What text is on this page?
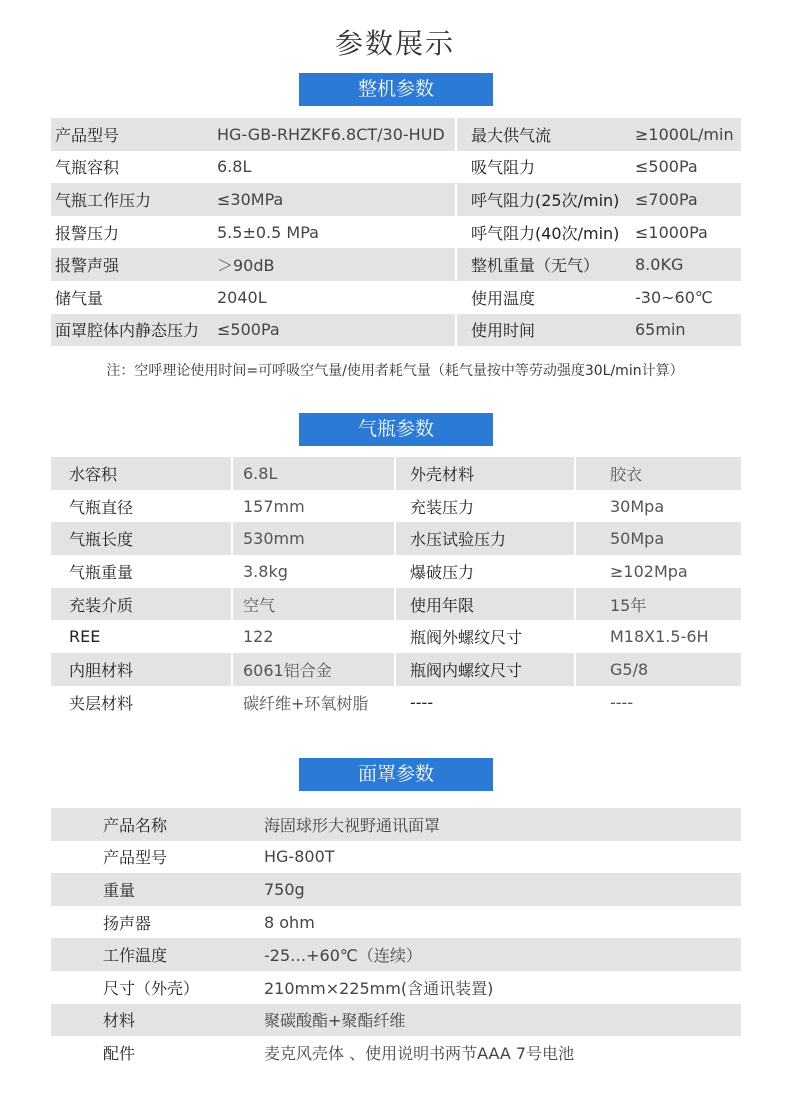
参数展示
整机参数
产品型号	HG-GB-RHZKF6.8CT/30-HUD	最大供气流	≥1000L/min
气瓶容积	6.8L	吸气阻力	≤500Pa
气瓶工作压力	≤30MPa	呼气阻力(25次/min)	≤700Pa
报警压力	5.5±0.5 MPa	呼气阻力(40次/min)	≤1000Pa
报警声强	＞90dB	整机重量（无气）	8.0KG
储气量	2040L	使用温度	-30~60℃
面罩腔体内静态压力	≤500Pa	使用时间	65min
注：空呼理论使用时间=可呼吸空气量/使用者耗气量（耗气量按中等劳动强度30L/min计算）
气瓶参数
水容积	6.8L	外壳材料	胶衣
气瓶直径	157mm	充装压力	30Mpa
气瓶长度	530mm	水压试验压力	50Mpa
气瓶重量	3.8kg	爆破压力	≥102Mpa
充装介质	空气	使用年限	15年
REE	122	瓶阀外螺纹尺寸	M18X1.5-6H
内胆材料	6061铝合金	瓶阀内螺纹尺寸	G5/8
夹层材料	碳纤维+环氧树脂	----	----
面罩参数
产品名称	海固球形大视野通讯面罩
产品型号	HG-800T
重量	750g
扬声器	8 ohm
工作温度	-25…+60℃（连续）
尺寸（外壳）	210mm×225mm(含通讯装置)
材料	聚碳酸酯+聚酯纤维
配件	麦克风壳体 、使用说明书两节AAA 7号电池
